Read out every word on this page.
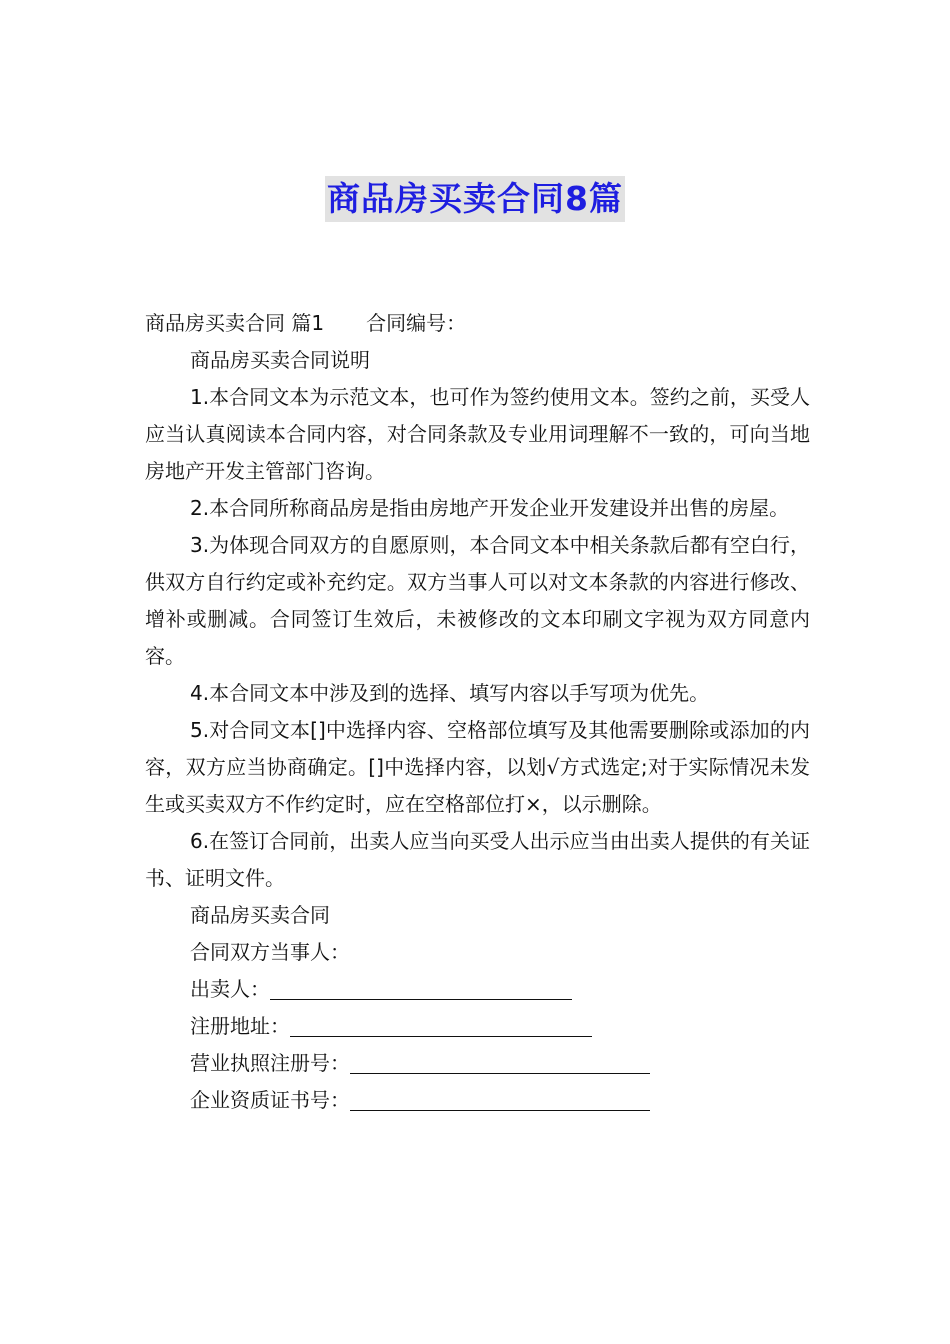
商品房买卖合同8篇

商品房买卖合同 篇1 合同编号：

商品房买卖合同说明

1.本合同文本为示范文本，也可作为签约使用文本。签约之前，买受人应当认真阅读本合同内容，对合同条款及专业用词理解不一致的，可向当地房地产开发主管部门咨询。

2.本合同所称商品房是指由房地产开发企业开发建设并出售的房屋。

3.为体现合同双方的自愿原则，本合同文本中相关条款后都有空白行，供双方自行约定或补充约定。双方当事人可以对文本条款的内容进行修改、增补或删减。合同签订生效后，未被修改的文本印刷文字视为双方同意内容。

4.本合同文本中涉及到的选择、填写内容以手写项为优先。

5.对合同文本[]中选择内容、空格部位填写及其他需要删除或添加的内容，双方应当协商确定。[]中选择内容，以划√方式选定;对于实际情况未发生或买卖双方不作约定时，应在空格部位打×，以示删除。

6.在签订合同前，出卖人应当向买受人出示应当由出卖人提供的有关证书、证明文件。

商品房买卖合同

合同双方当事人：

出卖人：

注册地址：

营业执照注册号：

企业资质证书号：
